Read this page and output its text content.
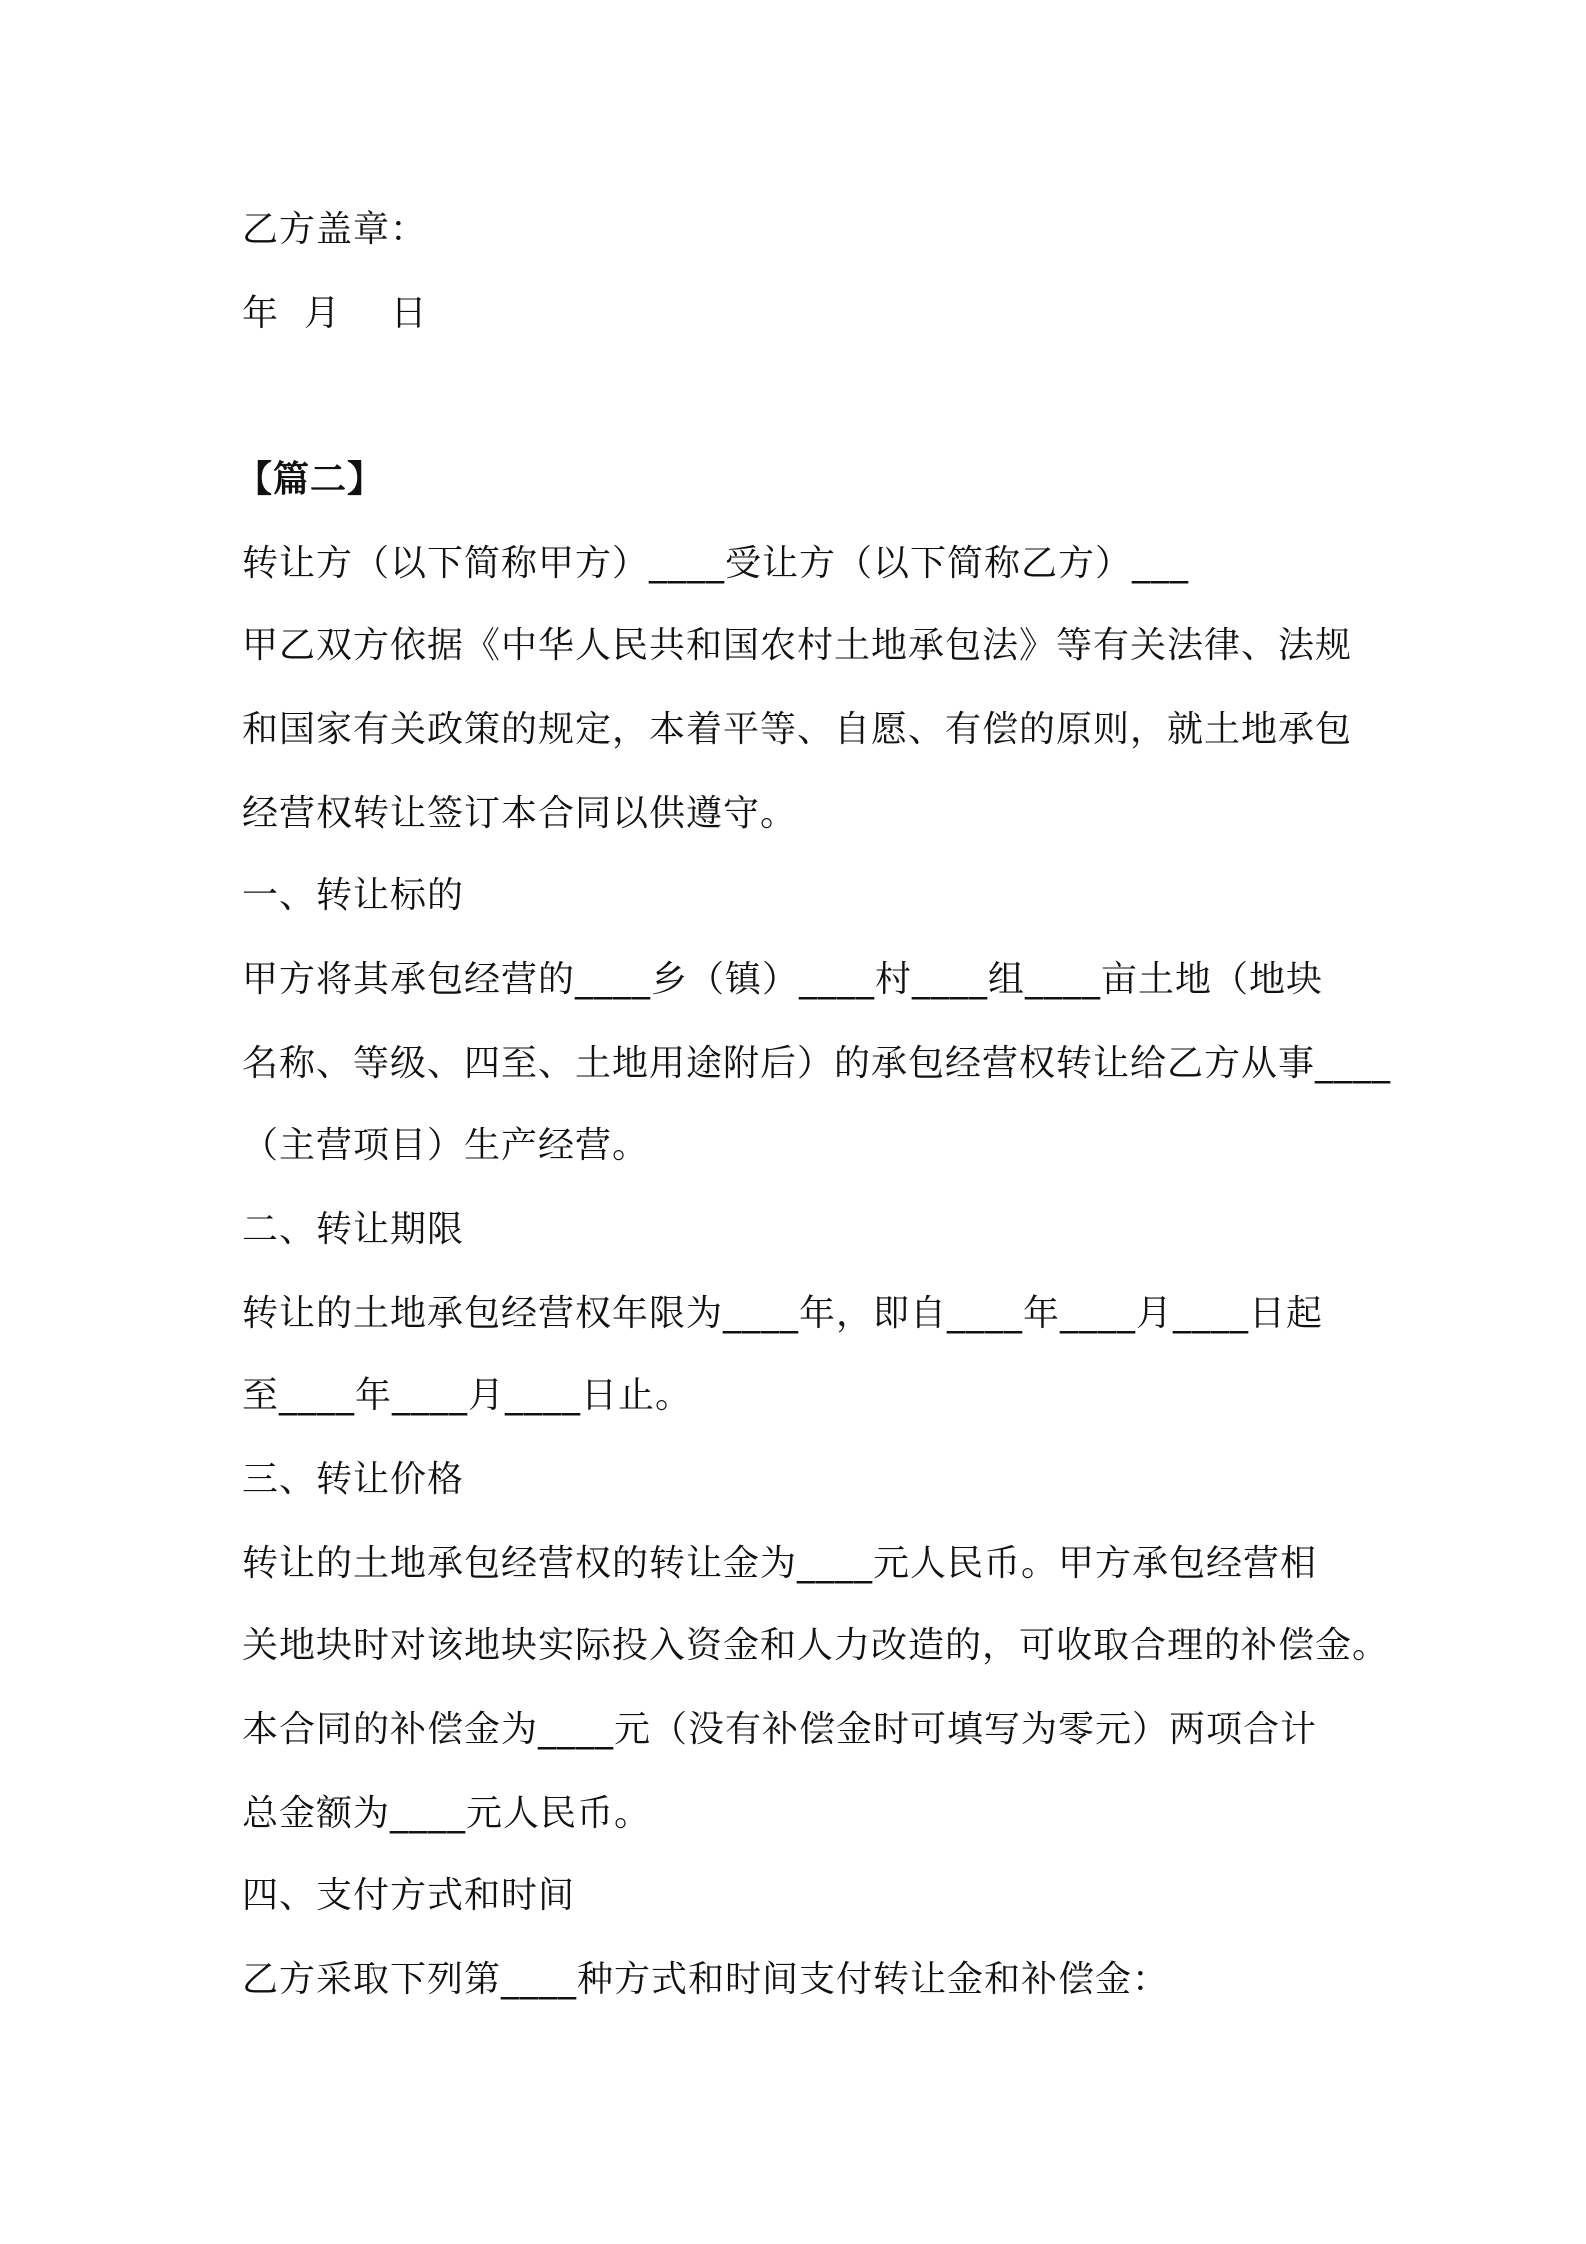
乙方盖章：
年  月    日
【篇二】
转让方（以下简称甲方）____受让方（以下简称乙方）___
甲乙双方依据《中华人民共和国农村土地承包法》等有关法律、法规
和国家有关政策的规定，本着平等、自愿、有偿的原则，就土地承包
经营权转让签订本合同以供遵守。
一、转让标的
甲方将其承包经营的____乡（镇）____村____组____亩土地（地块
名称、等级、四至、土地用途附后）的承包经营权转让给乙方从事____
（主营项目）生产经营。
二、转让期限
转让的土地承包经营权年限为____年，即自____年____月____日起
至____年____月____日止。
三、转让价格
转让的土地承包经营权的转让金为____元人民币。甲方承包经营相
关地块时对该地块实际投入资金和人力改造的，可收取合理的补偿金。
本合同的补偿金为____元（没有补偿金时可填写为零元）两项合计
总金额为____元人民币。
四、支付方式和时间
乙方采取下列第____种方式和时间支付转让金和补偿金：
